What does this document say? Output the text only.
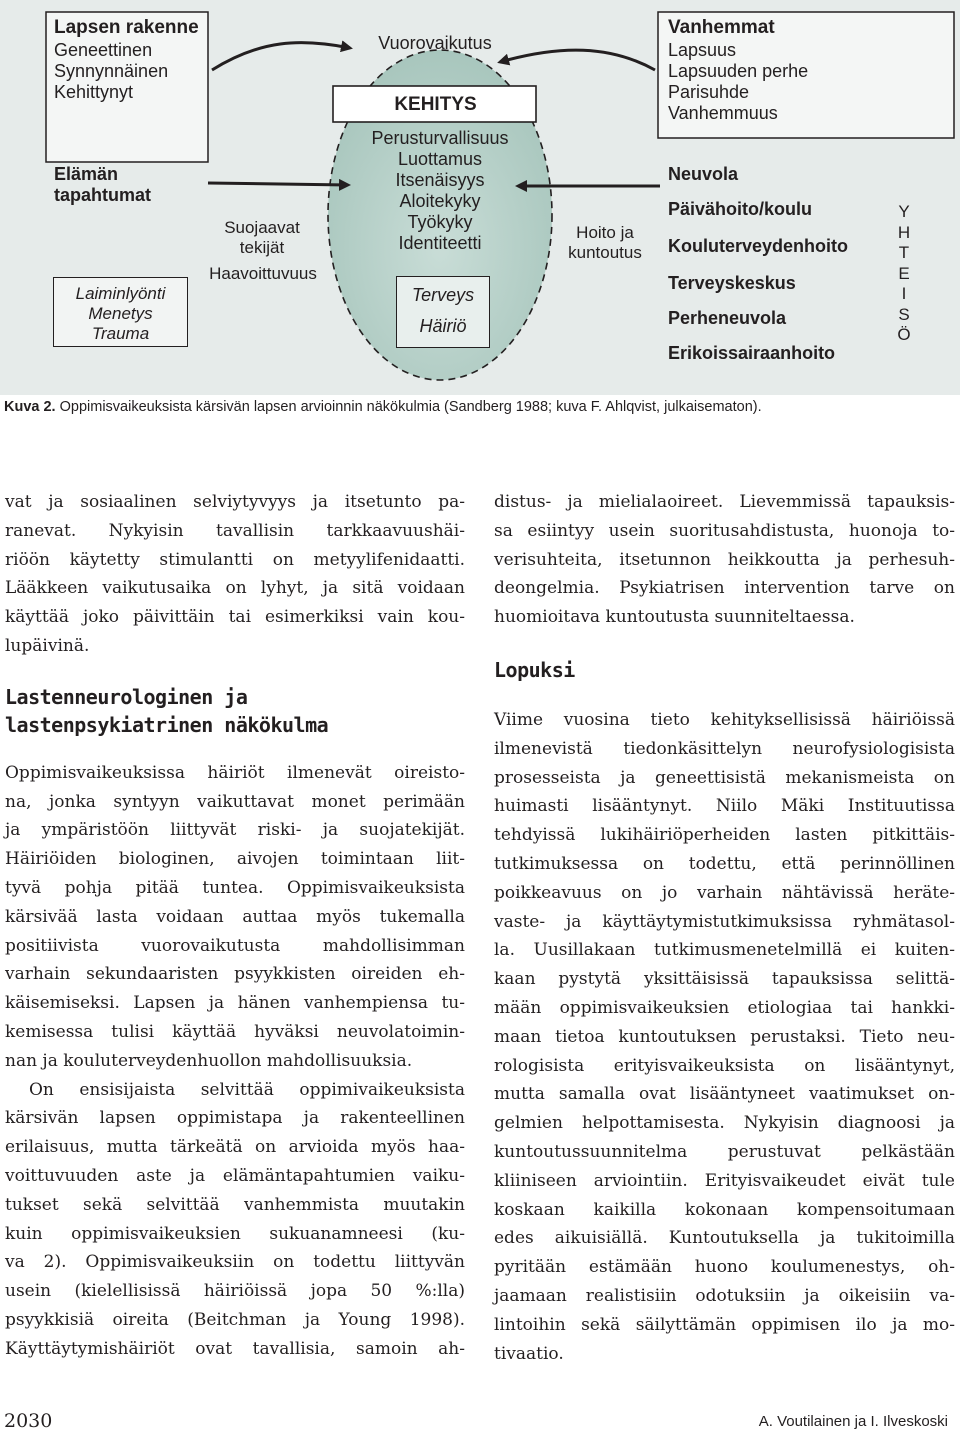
Lapsen rakenne
Geneettinen
Synnynnäinen
Kehittynyt
Elämän
tapahtumat
Laiminlyönti
Menetys
Trauma
Suojaavat
tekijät
Haavoittuvuus
Vuorovaikutus
KEHITYS
Perusturvallisuus
Luottamus
Itsenäisyys
Aloitekyky
Työkyky
Identiteetti
Terveys
Häiriö
Hoito ja
kuntoutus
Vanhemmat
Lapsuus
Lapsuuden perhe
Parisuhde
Vanhemmuus
Neuvola
Päivähoito/koulu
Kouluterveydenhoito
Terveyskeskus
Perheneuvola
Erikoissairaanhoito
Y
H
T
E
I
S
Ö
Kuva 2. Oppimisvaikeuksista kärsivän lapsen arvioinnin näkökulmia (Sandberg 1988; kuva F. Ahlqvist, julkaisematon).
vat ja sosiaalinen selviytyvyys ja itsetunto pa-
ranevat. Nykyisin tavallisin tarkkaavuushäi-
riöön käytetty stimulantti on metyylifenidaatti.
Lääkkeen vaikutusaika on lyhyt, ja sitä voidaan
käyttää joko päivittäin tai esimerkiksi vain kou-
lupäivinä.
Lastenneurologinen ja
lastenpsykiatrinen näkökulma
Oppimisvaikeuksissa häiriöt ilmenevät oireisto-
na, jonka syntyyn vaikuttavat monet perimään
ja ympäristöön liittyvät riski- ja suojatekijät.
Häiriöiden biologinen, aivojen toimintaan liit-
tyvä pohja pitää tuntea. Oppimisvaikeuksista
kärsivää lasta voidaan auttaa myös tukemalla
positiivista vuorovaikutusta mahdollisimman
varhain sekundaaristen psyykkisten oireiden eh-
käisemiseksi. Lapsen ja hänen vanhempiensa tu-
kemisessa tulisi käyttää hyväksi neuvolatoimin-
nan ja kouluterveydenhuollon mahdollisuuksia.
On ensisijaista selvittää oppimivaikeuksista
kärsivän lapsen oppimistapa ja rakenteellinen
erilaisuus, mutta tärkeätä on arvioida myös haa-
voittuvuuden aste ja elämäntapahtumien vaiku-
tukset sekä selvittää vanhemmista muutakin
kuin oppimisvaikeuksien sukuanamneesi (ku-
va 2). Oppimisvaikeuksiin on todettu liittyvän
usein (kielellisissä häiriöissä jopa 50 %:lla)
psyykkisiä oireita (Beitchman ja Young 1998).
Käyttäytymishäiriöt ovat tavallisia, samoin ah-
distus- ja mielialaoireet. Lievemmissä tapauksis-
sa esiintyy usein suoritusahdistusta, huonoja to-
verisuhteita, itsetunnon heikkoutta ja perhesuh-
deongelmia. Psykiatrisen intervention tarve on
huomioitava kuntoutusta suunniteltaessa.
Lopuksi
Viime vuosina tieto kehityksellisissä häiriöissä
ilmenevistä tiedonkäsittelyn neurofysiologisista
prosesseista ja geneettisistä mekanismeista on
huimasti lisääntynyt. Niilo Mäki Instituutissa
tehdyissä lukihäiriöperheiden lasten pitkittäis-
tutkimuksessa on todettu, että perinnöllinen
poikkeavuus on jo varhain nähtävissä heräte-
vaste- ja käyttäytymistutkimuksissa ryhmätasol-
la. Uusillakaan tutkimusmenetelmillä ei kuiten-
kaan pystytä yksittäisissä tapauksissa selittä-
mään oppimisvaikeuksien etiologiaa tai hankki-
maan tietoa kuntoutuksen perustaksi. Tieto neu-
rologisista erityisvaikeuksista on lisääntynyt,
mutta samalla ovat lisääntyneet vaatimukset on-
gelmien helpottamisesta. Nykyisin diagnoosi ja
kuntoutussuunnitelma perustuvat pelkästään
kliiniseen arviointiin. Erityisvaikeudet eivät tule
koskaan kaikilla kokonaan kompensoitumaan
edes aikuisiällä. Kuntoutuksella ja tukitoimilla
pyritään estämään huono koulumenestys, oh-
jaamaan realistisiin odotuksiin ja oikeisiin va-
lintoihin sekä säilyttämän oppimisen ilo ja mo-
tivaatio.
2030	A. Voutilainen ja I. Ilveskoski
